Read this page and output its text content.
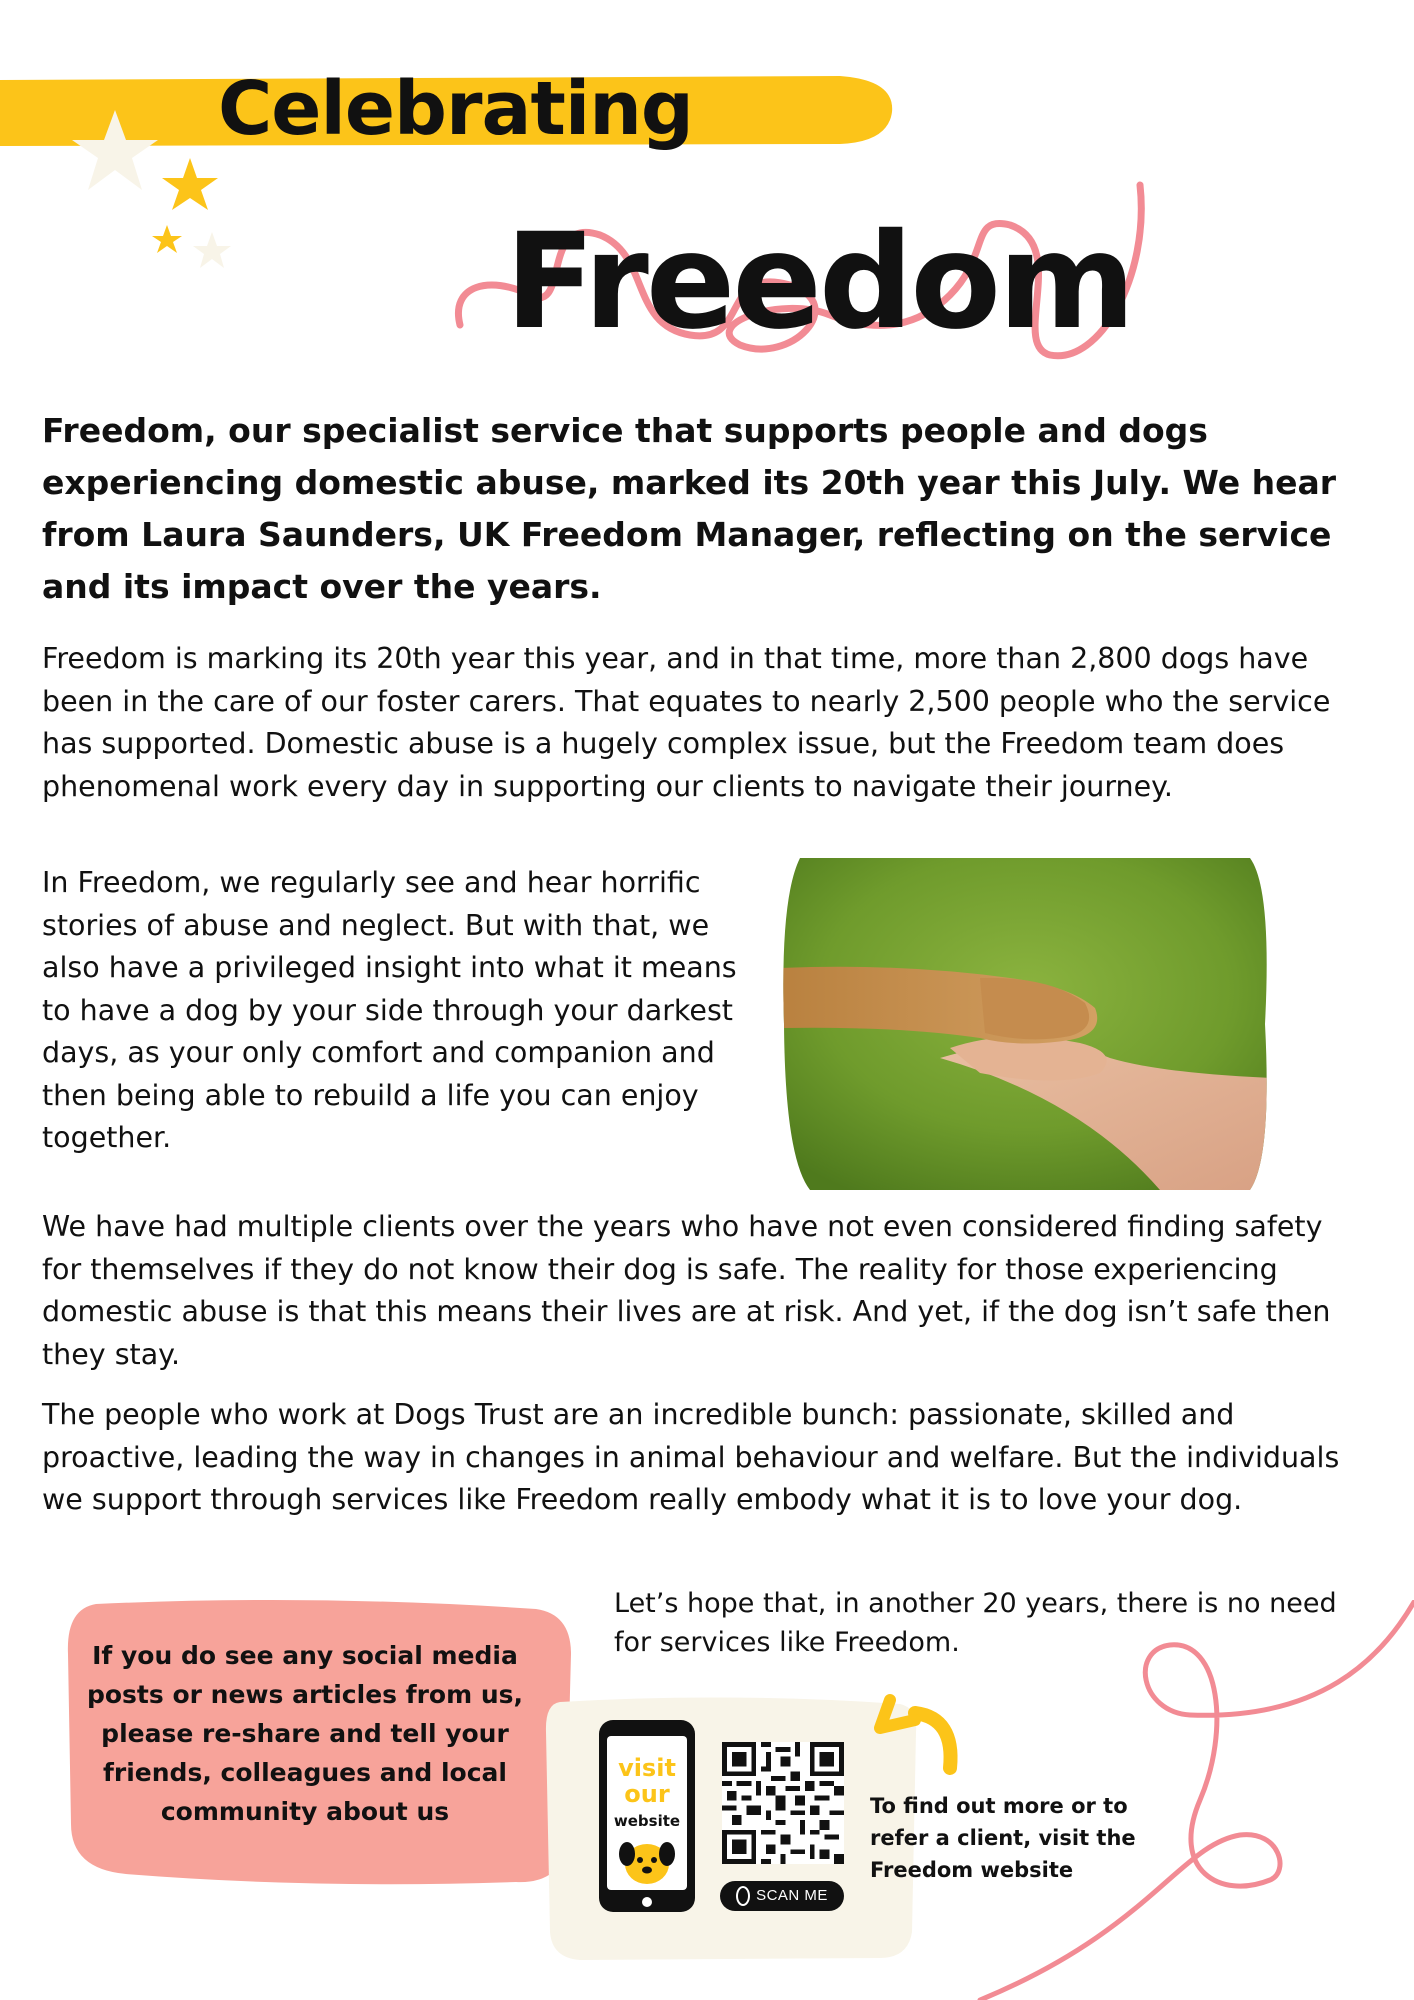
Celebrating
Freedom

Freedom, our specialist service that supports people and dogs experiencing domestic abuse, marked its 20th year this July. We hear from Laura Saunders, UK Freedom Manager, reflecting on the service and its impact over the years.

Freedom is marking its 20th year this year, and in that time, more than 2,800 dogs have been in the care of our foster carers. That equates to nearly 2,500 people who the service has supported. Domestic abuse is a hugely complex issue, but the Freedom team does phenomenal work every day in supporting our clients to navigate their journey.

In Freedom, we regularly see and hear horrific stories of abuse and neglect. But with that, we also have a privileged insight into what it means to have a dog by your side through your darkest days, as your only comfort and companion and then being able to rebuild a life you can enjoy together.

We have had multiple clients over the years who have not even considered finding safety for themselves if they do not know their dog is safe. The reality for those experiencing domestic abuse is that this means their lives are at risk. And yet, if the dog isn’t safe then they stay.

The people who work at Dogs Trust are an incredible bunch: passionate, skilled and proactive, leading the way in changes in animal behaviour and welfare. But the individuals we support through services like Freedom really embody what it is to love your dog.

Let’s hope that, in another 20 years, there is no need for services like Freedom.

If you do see any social media posts or news articles from us, please re-share and tell your friends, colleagues and local community about us
visit
our
website
SCAN ME
To find out more or to refer a client, visit the Freedom website
